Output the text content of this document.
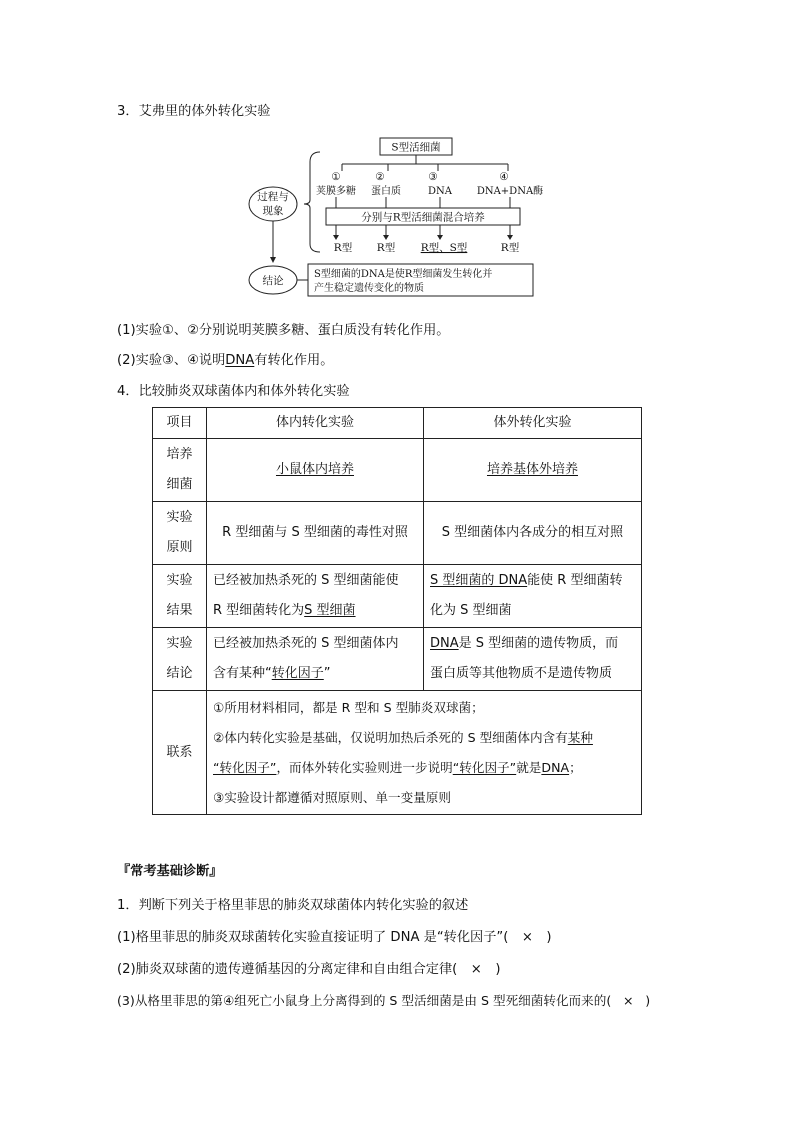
3．艾弗里的体外转化实验
S型活细菌
①	②	③	④
荚膜多糖 蛋白质	DNA DNA+DNA酶
分别与R型活细菌混合培养
R型 R型 R型、S型	R型
过程与
现象
结论
S型细菌的DNA是使R型细菌发生转化并
产生稳定遗传变化的物质
(1)实验①、②分别说明荚膜多糖、蛋白质没有转化作用。
(2)实验③、④说明DNA有转化作用。
4．比较肺炎双球菌体内和体外转化实验
项目	体内转化实验	体外转化实验

培养
细菌	小鼠体内培养	培养基体外培养

实验
原则	R 型细菌与 S 型细菌的毒性对照	S 型细菌体内各成分的相互对照

实验
结果	已经被加热杀死的 S 型细菌能使
R 型细菌转化为S 型细菌	S 型细菌的 DNA能使 R 型细菌转
化为 S 型细菌

实验
结论	已经被加热杀死的 S 型细菌体内
含有某种“转化因子”	DNA是 S 型细菌的遗传物质，而
蛋白质等其他物质不是遗传物质

联系	①所用材料相同，都是 R 型和 S 型肺炎双球菌；
②体内转化实验是基础，仅说明加热后杀死的 S 型细菌体内含有某种
“转化因子”，而体外转化实验则进一步说明“转化因子”就是DNA；
③实验设计都遵循对照原则、单一变量原则	
『常考基础诊断』
1．判断下列关于格里菲思的肺炎双球菌体内转化实验的叙述
(1)格里菲思的肺炎双球菌转化实验直接证明了 DNA 是“转化因子”( × )
(2)肺炎双球菌的遗传遵循基因的分离定律和自由组合定律( × )
(3)从格里菲思的第④组死亡小鼠身上分离得到的 S 型活细菌是由 S 型死细菌转化而来的( × )
